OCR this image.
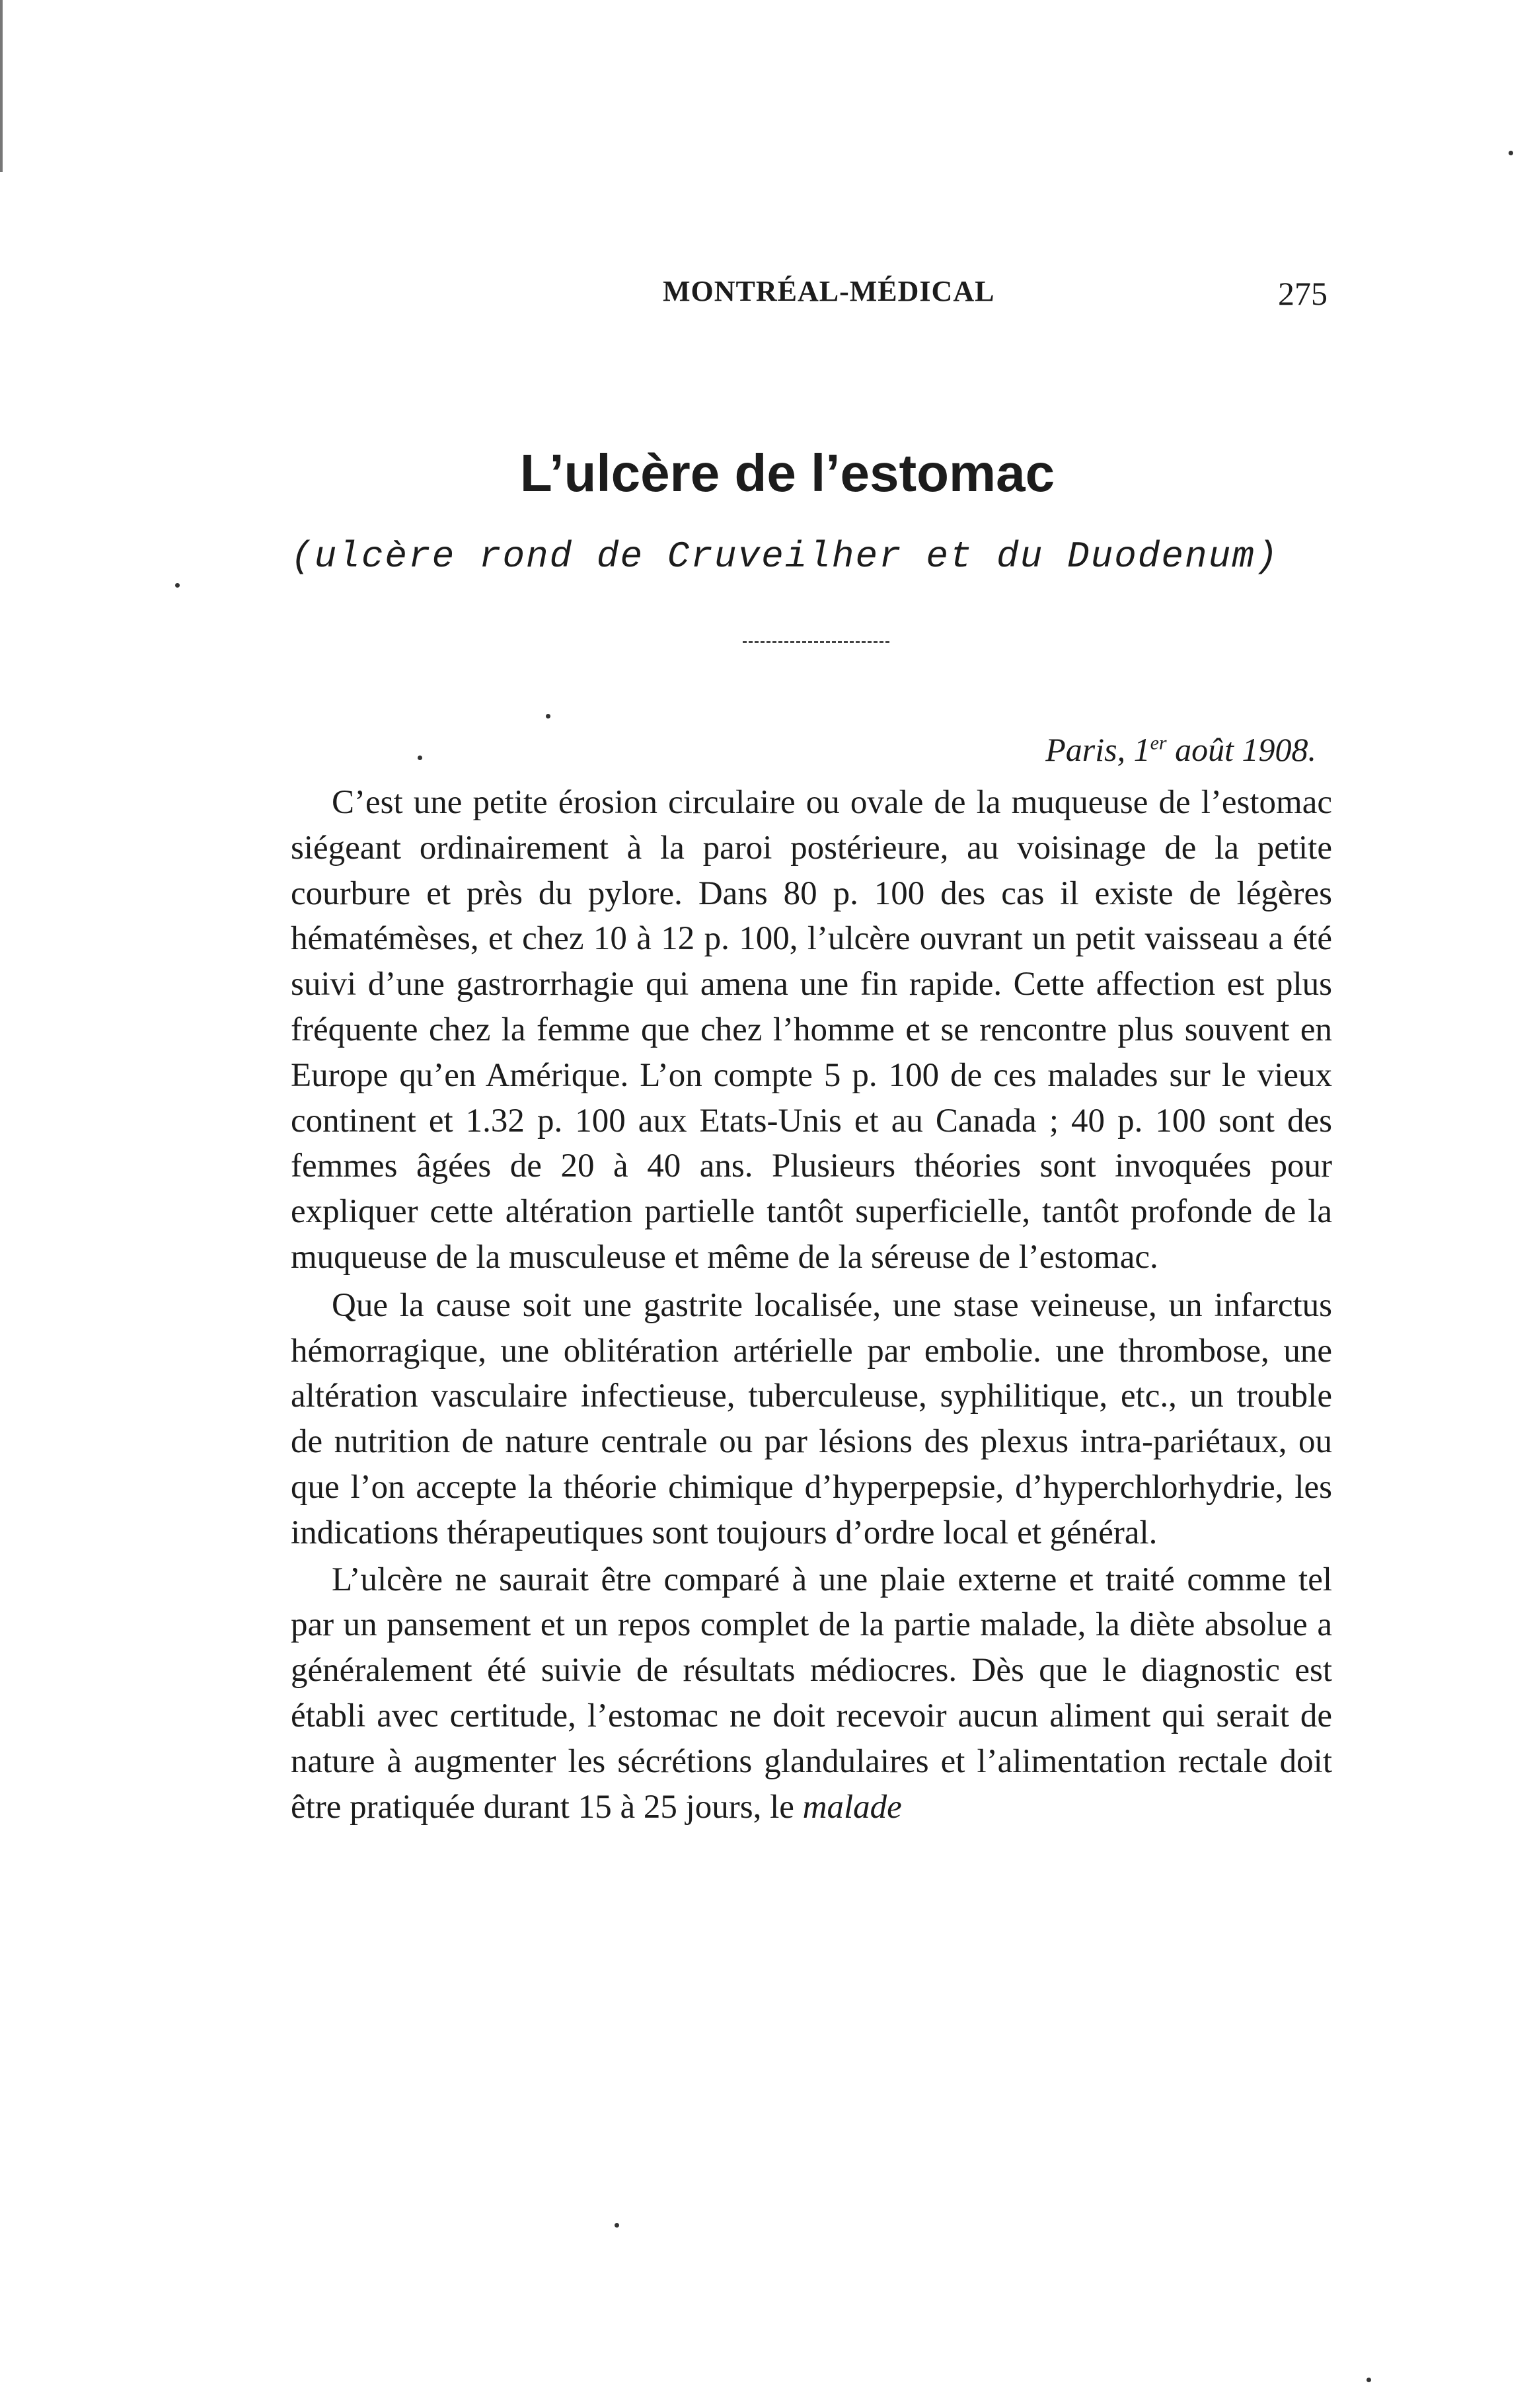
MONTRÉAL-MÉDICAL	275
L’ulcère de l’estomac
(ulcère rond de Cruveilher et du Duodenum)
Paris, 1er août 1908.

C’est une petite érosion circulaire ou ovale de la muqueuse de l’estomac siégeant ordinairement à la paroi postérieure, au voisinage de la petite courbure et près du pylore. Dans 80 p. 100 des cas il existe de légères hématémèses, et chez 10 à 12 p. 100, l’ulcère ouvrant un petit vaisseau a été suivi d’une gastrorrhagie qui amena une fin rapide. Cette affection est plus fréquente chez la femme que chez l’homme et se rencontre plus souvent en Europe qu’en Amérique. L’on compte 5 p. 100 de ces malades sur le vieux continent et 1.32 p. 100 aux Etats-Unis et au Canada ; 40 p. 100 sont des femmes âgées de 20 à 40 ans. Plusieurs théories sont invoquées pour expliquer cette altération partielle tantôt superficielle, tantôt profonde de la muqueuse de la musculeuse et même de la séreuse de l’estomac.

Que la cause soit une gastrite localisée, une stase veineuse, un infarctus hémorragique, une oblitération artérielle par embolie. une thrombose, une altération vasculaire infectieuse, tuberculeuse, syphilitique, etc., un trouble de nutrition de nature centrale ou par lésions des plexus intra-pariétaux, ou que l’on accepte la théorie chimique d’hyperpepsie, d’hyperchlorhydrie, les indications thérapeutiques sont toujours d’ordre local et général.

L’ulcère ne saurait être comparé à une plaie externe et traité comme tel par un pansement et un repos complet de la partie malade, la diète absolue a généralement été suivie de résultats médiocres. Dès que le diagnostic est établi avec certitude, l’estomac ne doit recevoir aucun aliment qui serait de nature à augmenter les sécrétions glandulaires et l’alimentation rectale doit être pratiquée durant 15 à 25 jours, le malade
